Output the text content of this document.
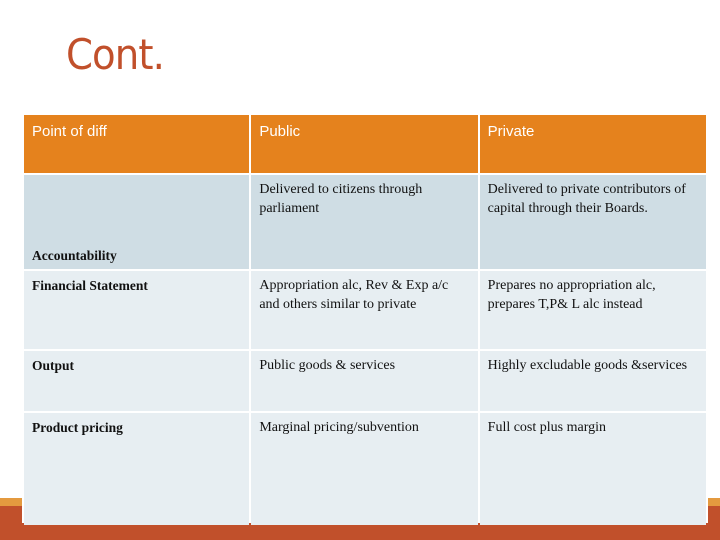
Cont.
Point of diff	Public	Private
Accountability	Delivered to citizens through parliament	Delivered to private contributors of capital through their Boards.
Financial Statement	Appropriation alc, Rev & Exp a/c and others similar to private	Prepares no appropriation alc, prepares T,P& L alc instead
Output	Public goods & services	Highly excludable goods &services
Product pricing	Marginal pricing/subvention	Full cost plus margin
